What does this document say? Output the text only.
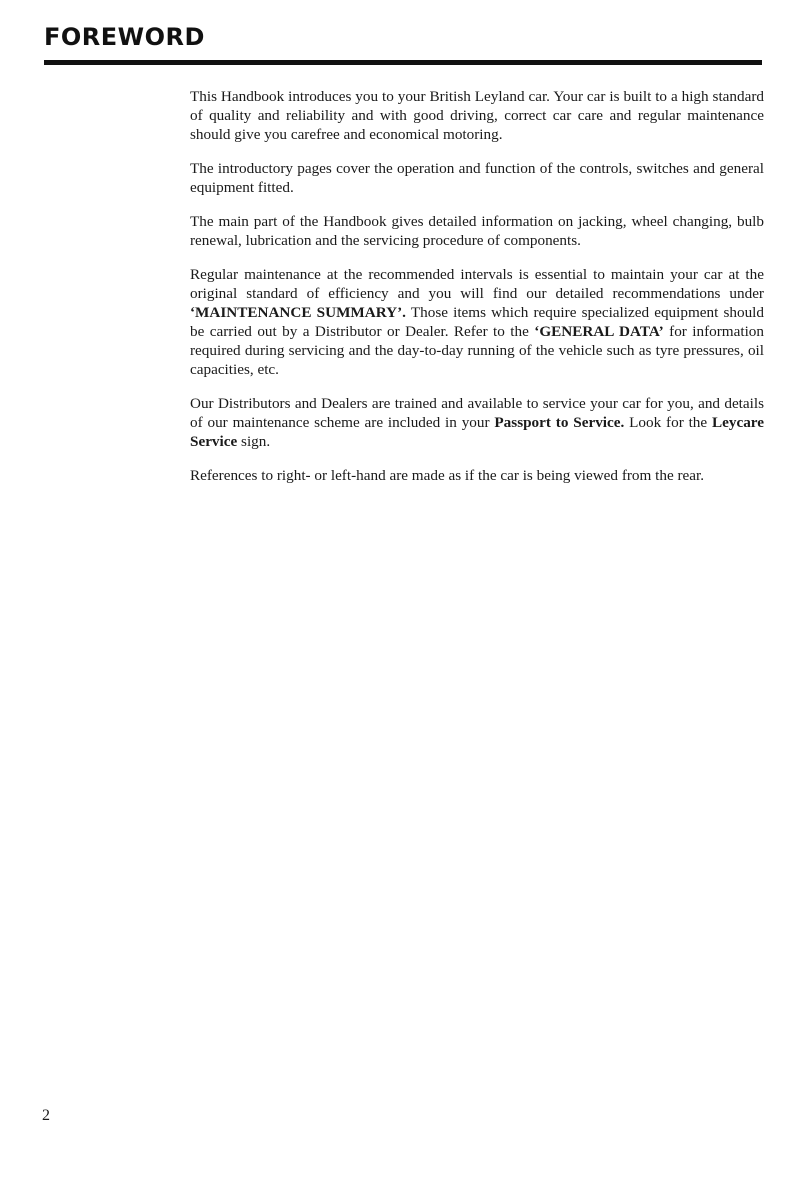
FOREWORD

This Handbook introduces you to your British Leyland car. Your car is built to a high standard of quality and reliability and with good driving, correct car care and regular maintenance should give you carefree and economical motoring.

The introductory pages cover the operation and function of the controls, switches and general equipment fitted.

The main part of the Handbook gives detailed information on jacking, wheel changing, bulb renewal, lubrication and the servicing procedure of components.

Regular maintenance at the recommended intervals is essential to maintain your car at the original standard of efficiency and you will find our detailed recommendations under ‘MAINTENANCE SUMMARY’. Those items which require specialized equipment should be carried out by a Distributor or Dealer. Refer to the ‘GENERAL DATA’ for information required during servicing and the day-to-day running of the vehicle such as tyre pressures, oil capacities, etc.

Our Distributors and Dealers are trained and available to service your car for you, and details of our maintenance scheme are included in your Passport to Service. Look for the Leycare Service sign.

References to right- or left-hand are made as if the car is being viewed from the rear.

2
